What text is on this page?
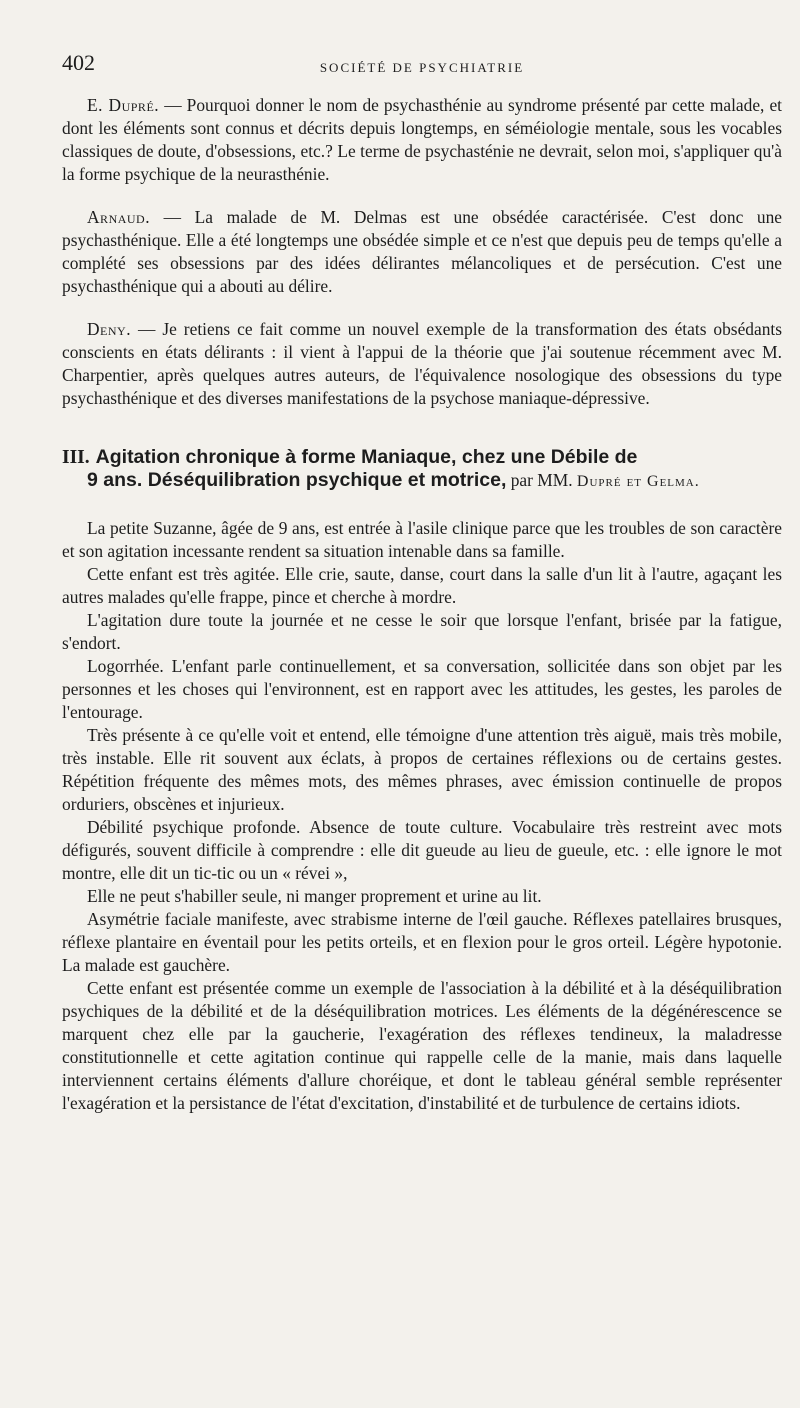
402	SOCIÉTÉ DE PSYCHIATRIE

E. Dupré. — Pourquoi donner le nom de psychasthénie au syndrome présenté par cette malade, et dont les éléments sont connus et décrits depuis longtemps, en séméiologie mentale, sous les vocables classiques de doute, d'obsessions, etc.? Le terme de psychasténie ne devrait, selon moi, s'appliquer qu'à la forme psychique de la neurasthénie.

Arnaud. — La malade de M. Delmas est une obsédée caractérisée. C'est donc une psychasthénique. Elle a été longtemps une obsédée simple et ce n'est que depuis peu de temps qu'elle a complété ses obsessions par des idées délirantes mélancoliques et de persécution. C'est une psychasthénique qui a abouti au délire.

Deny. — Je retiens ce fait comme un nouvel exemple de la transformation des états obsédants conscients en états délirants : il vient à l'appui de la théorie que j'ai soutenue récemment avec M. Charpentier, après quelques autres auteurs, de l'équivalence nosologique des obsessions du type psychasthénique et des diverses manifestations de la psychose maniaque-dépressive.

III. Agitation chronique à forme Maniaque, chez une Débile de
9 ans. Déséquilibration psychique et motrice, par MM. Dupré et Gelma.

La petite Suzanne, âgée de 9 ans, est entrée à l'asile clinique parce que les troubles de son caractère et son agitation incessante rendent sa situation intenable dans sa famille.

Cette enfant est très agitée. Elle crie, saute, danse, court dans la salle d'un lit à l'autre, agaçant les autres malades qu'elle frappe, pince et cherche à mordre.

L'agitation dure toute la journée et ne cesse le soir que lorsque l'enfant, brisée par la fatigue, s'endort.

Logorrhée. L'enfant parle continuellement, et sa conversation, sollicitée dans son objet par les personnes et les choses qui l'environnent, est en rapport avec les attitudes, les gestes, les paroles de l'entourage.

Très présente à ce qu'elle voit et entend, elle témoigne d'une attention très aiguë, mais très mobile, très instable. Elle rit souvent aux éclats, à propos de certaines réflexions ou de certains gestes. Répétition fréquente des mêmes mots, des mêmes phrases, avec émission continuelle de propos orduriers, obscènes et injurieux.

Débilité psychique profonde. Absence de toute culture. Vocabulaire très restreint avec mots défigurés, souvent difficile à comprendre : elle dit gueude au lieu de gueule, etc. : elle ignore le mot montre, elle dit un tic-tic ou un « révei »,

Elle ne peut s'habiller seule, ni manger proprement et urine au lit.

Asymétrie faciale manifeste, avec strabisme interne de l'œil gauche. Réflexes patellaires brusques, réflexe plantaire en éventail pour les petits orteils, et en flexion pour le gros orteil. Légère hypotonie. La malade est gauchère.

Cette enfant est présentée comme un exemple de l'association à la débilité et à la déséquilibration psychiques de la débilité et de la déséquilibration motrices. Les éléments de la dégénérescence se marquent chez elle par la gaucherie, l'exagération des réflexes tendineux, la maladresse constitutionnelle et cette agitation continue qui rappelle celle de la manie, mais dans laquelle interviennent certains éléments d'allure choréique, et dont le tableau général semble représenter l'exagération et la persistance de l'état d'excitation, d'instabilité et de turbulence de certains idiots.
